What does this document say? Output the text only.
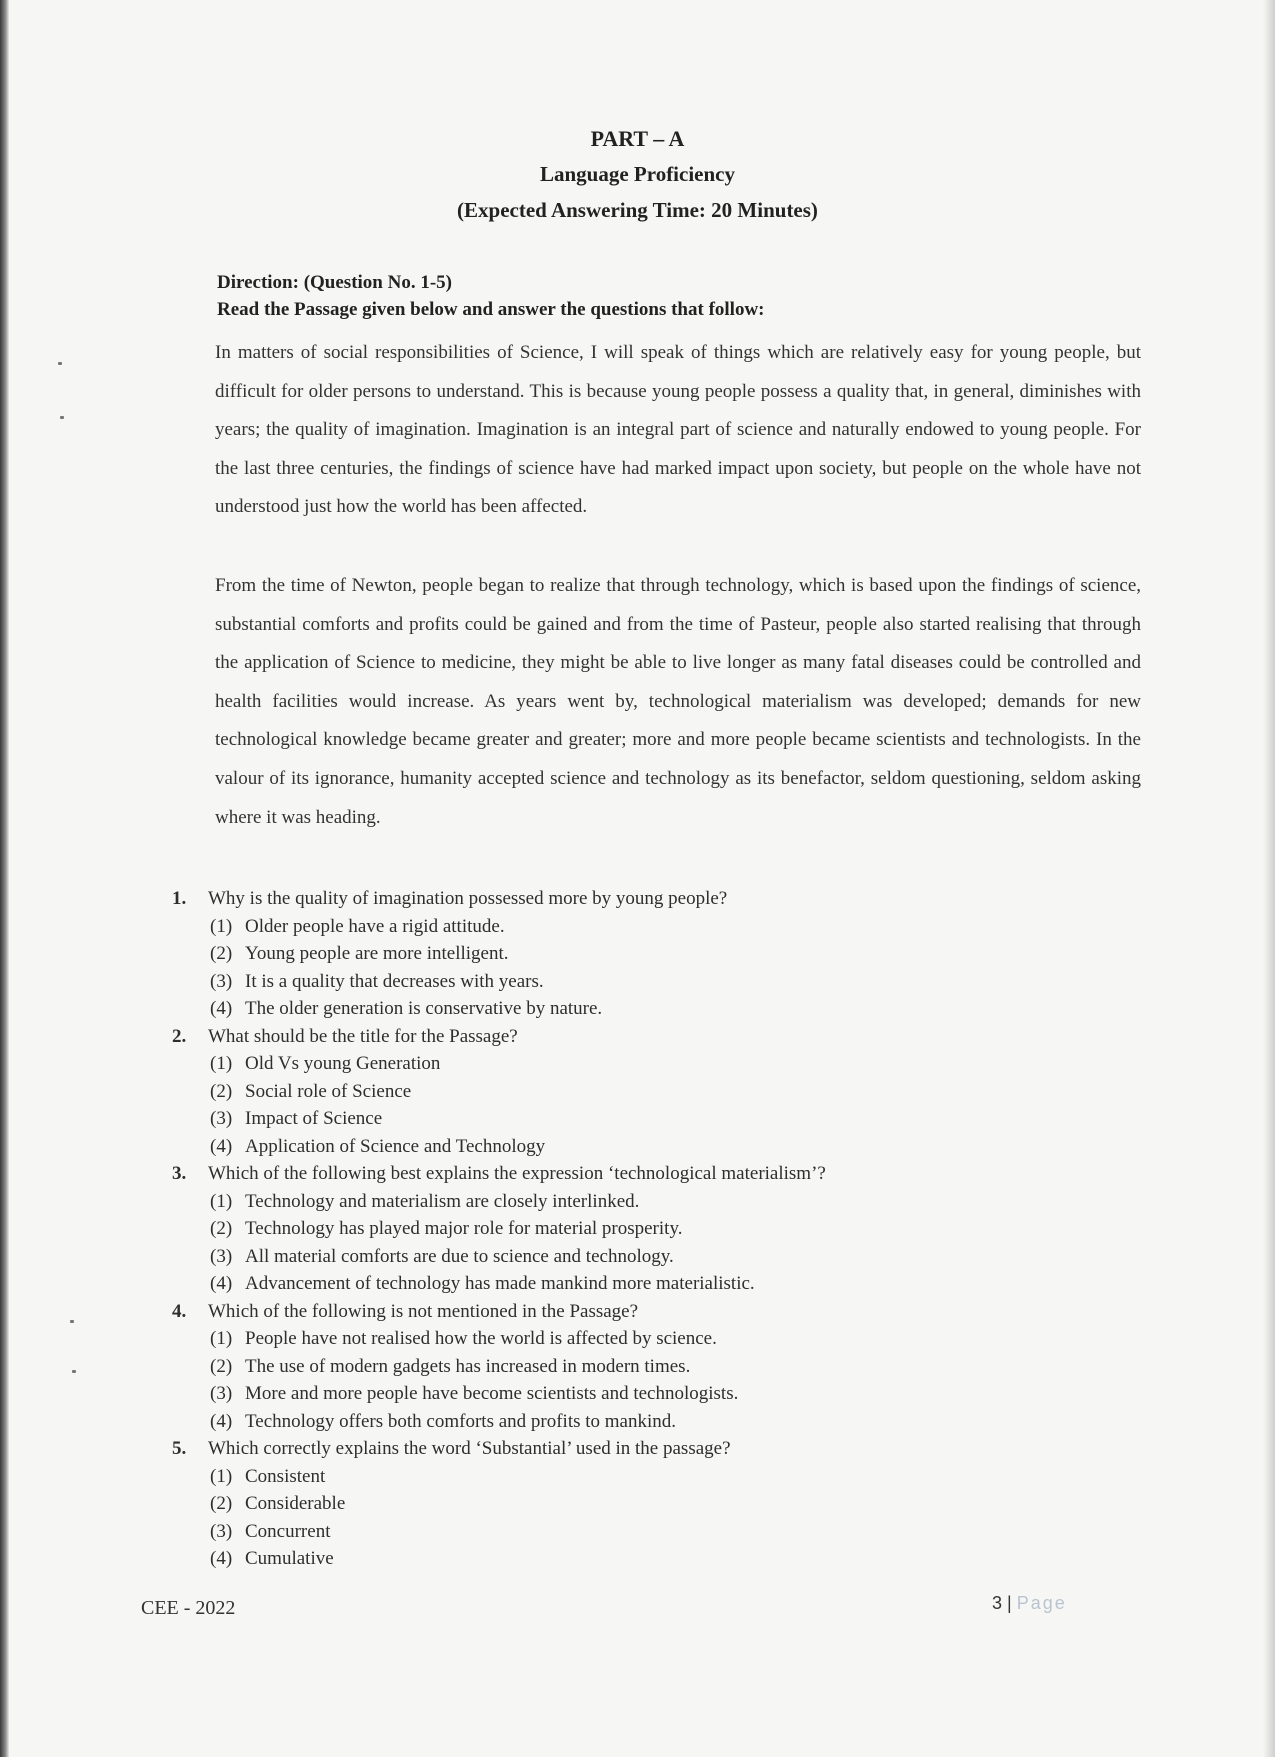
PART – A
Language Proficiency
(Expected Answering Time: 20 Minutes)
Direction: (Question No. 1-5)
Read the Passage given below and answer the questions that follow:

In matters of social responsibilities of Science, I will speak of things which are relatively easy for young people, but difficult for older persons to understand. This is because young people possess a quality that, in general, diminishes with years; the quality of imagination. Imagination is an integral part of science and naturally endowed to young people. For the last three centuries, the findings of science have had marked impact upon society, but people on the whole have not understood just how the world has been affected.

From the time of Newton, people began to realize that through technology, which is based upon the findings of science, substantial comforts and profits could be gained and from the time of Pasteur, people also started realising that through the application of Science to medicine, they might be able to live longer as many fatal diseases could be controlled and health facilities would increase. As years went by, technological materialism was developed; demands for new technological knowledge became greater and greater; more and more people became scientists and technologists. In the valour of its ignorance, humanity accepted science and technology as its benefactor, seldom questioning, seldom asking where it was heading.

1.	Why is the quality of imagination possessed more by young people?
(1) Older people have a rigid attitude.
(2) Young people are more intelligent.
(3) It is a quality that decreases with years.
(4) The older generation is conservative by nature.
2.	What should be the title for the Passage?
(1) Old Vs young Generation
(2) Social role of Science
(3) Impact of Science
(4) Application of Science and Technology
3.	Which of the following best explains the expression ‘technological materialism’?
(1) Technology and materialism are closely interlinked.
(2) Technology has played major role for material prosperity.
(3) All material comforts are due to science and technology.
(4) Advancement of technology has made mankind more materialistic.
4.	Which of the following is not mentioned in the Passage?
(1) People have not realised how the world is affected by science.
(2) The use of modern gadgets has increased in modern times.
(3) More and more people have become scientists and technologists.
(4) Technology offers both comforts and profits to mankind.
5.	Which correctly explains the word ‘Substantial’ used in the passage?
(1) Consistent
(2) Considerable
(3) Concurrent
(4) Cumulative
CEE - 2022	3 | Page
